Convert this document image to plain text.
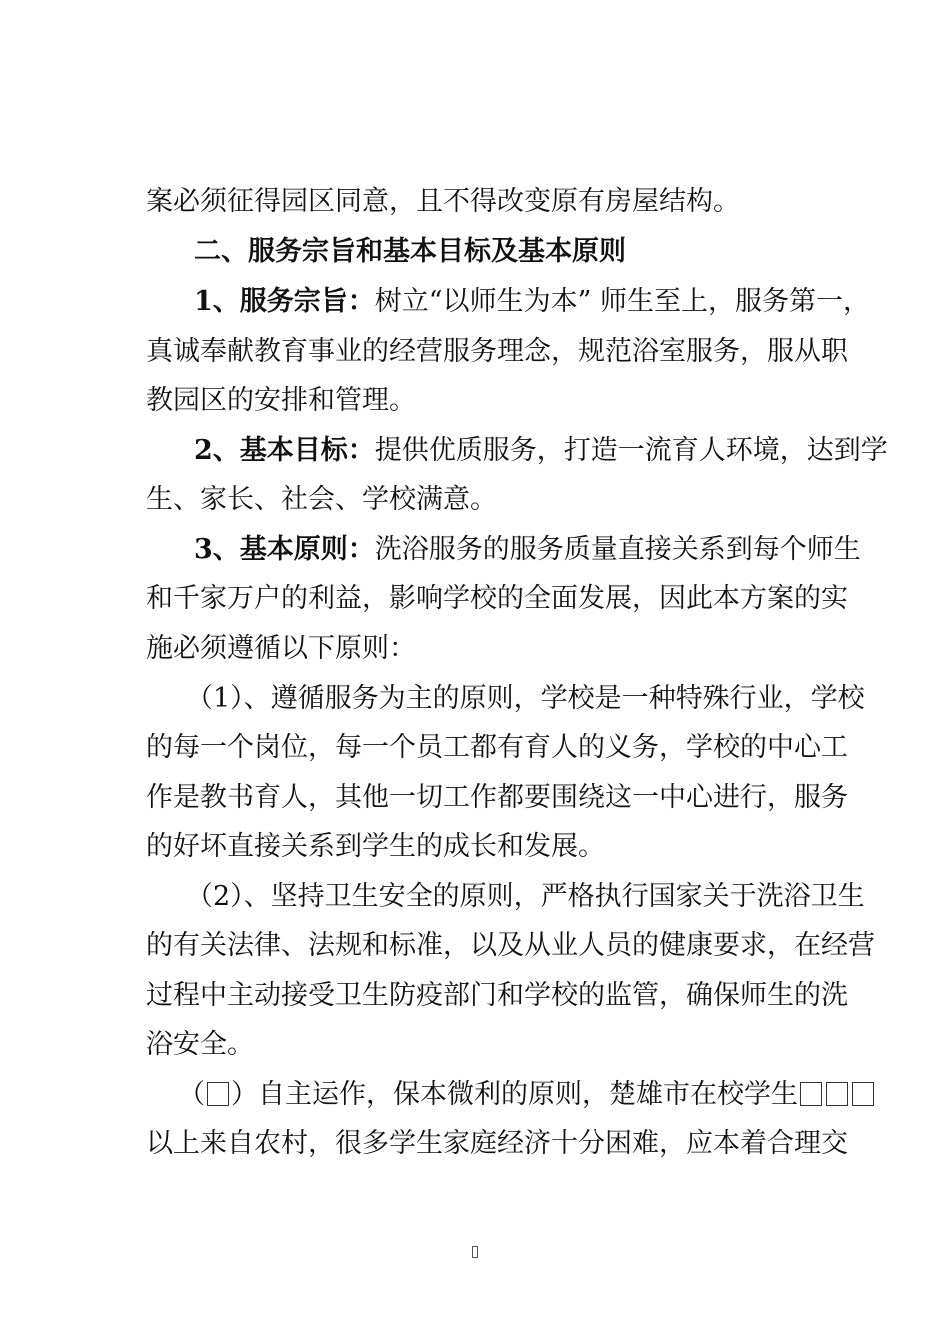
案必须征得园区同意，且不得改变原有房屋结构。
二、服务宗旨和基本目标及基本原则
1、服务宗旨：树立“以师生为本” 师生至上，服务第一，
真诚奉献教育事业的经营服务理念，规范浴室服务，服从职
教园区的安排和管理。
2、基本目标：提供优质服务，打造一流育人环境，达到学
生、家长、社会、学校满意。
3、基本原则：洗浴服务的服务质量直接关系到每个师生
和千家万户的利益，影响学校的全面发展，因此本方案的实
施必须遵循以下原则：
（1）、遵循服务为主的原则，学校是一种特殊行业，学校
的每一个岗位，每一个员工都有育人的义务，学校的中心工
作是教书育人，其他一切工作都要围绕这一中心进行，服务
的好坏直接关系到学生的成长和发展。
（2）、坚持卫生安全的原则，严格执行国家关于洗浴卫生
的有关法律、法规和标准，以及从业人员的健康要求，在经营
过程中主动接受卫生防疫部门和学校的监管，确保师生的洗
浴安全。
（ ）自主运作，保本微利的原则，楚雄市在校学生
以上来自农村，很多学生家庭经济十分困难，应本着合理交
